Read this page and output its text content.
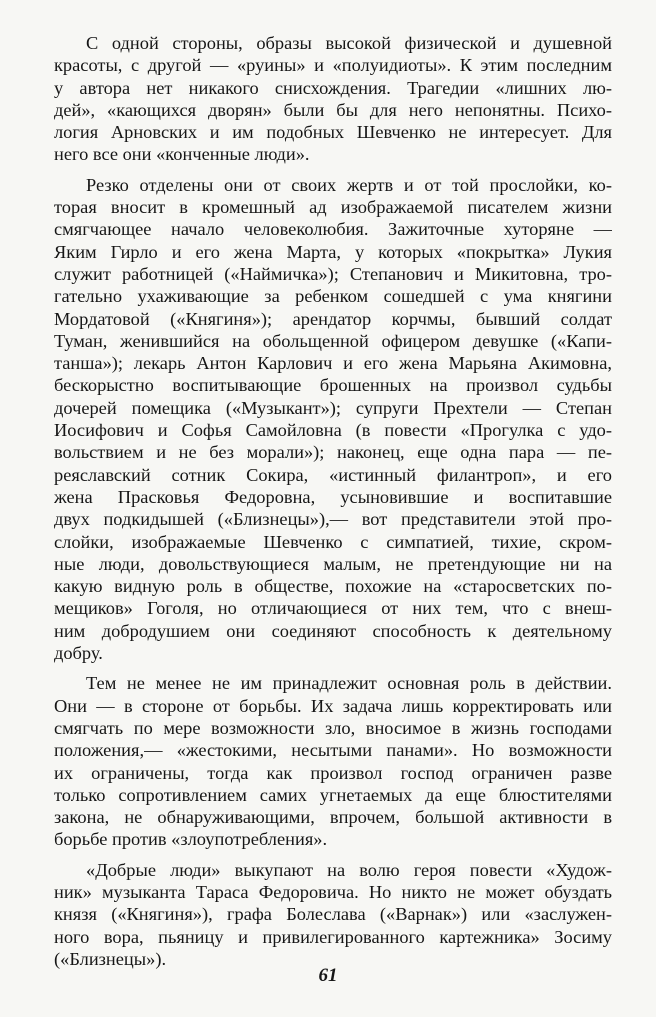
С одной стороны, образы высокой физической и душевной
красоты, с другой — «руины» и «полуидиоты». К этим последним
у автора нет никакого снисхождения. Трагедии «лишних лю-
дей», «кающихся дворян» были бы для него непонятны. Психо-
логия Арновских и им подобных Шевченко не интересует. Для
него все они «конченные люди».
Резко отделены они от своих жертв и от той прослойки, ко-
торая вносит в кромешный ад изображаемой писателем жизни
смягчающее начало человеколюбия. Зажиточные хуторяне —
Яким Гирло и его жена Марта, у которых «покрытка» Лукия
служит работницей («Наймичка»); Степанович и Микитовна, тро-
гательно ухаживающие за ребенком сошедшей с ума княгини
Мордатовой («Княгиня»); арендатор корчмы, бывший солдат
Туман, женившийся на обольщенной офицером девушке («Капи-
танша»); лекарь Антон Карлович и его жена Марьяна Акимовна,
бескорыстно воспитывающие брошенных на произвол судьбы
дочерей помещика («Музыкант»); супруги Прехтели — Степан
Иосифович и Софья Самойловна (в повести «Прогулка с удо-
вольствием и не без морали»); наконец, еще одна пара — пе-
реяславский сотник Сокира, «истинный филантроп», и его
жена Прасковья Федоровна, усыновившие и воспитавшие
двух подкидышей («Близнецы»),— вот представители этой про-
слойки, изображаемые Шевченко с симпатией, тихие, скром-
ные люди, довольствующиеся малым, не претендующие ни на
какую видную роль в обществе, похожие на «старосветских по-
мещиков» Гоголя, но отличающиеся от них тем, что с внеш-
ним добродушием они соединяют способность к деятельному
добру.
Тем не менее не им принадлежит основная роль в действии.
Они — в стороне от борьбы. Их задача лишь корректировать или
смягчать по мере возможности зло, вносимое в жизнь господами
положения,— «жестокими, несытыми панами». Но возможности
их ограничены, тогда как произвол господ ограничен разве
только сопротивлением самих угнетаемых да еще блюстителями
закона, не обнаруживающими, впрочем, большой активности в
борьбе против «злоупотребления».
«Добрые люди» выкупают на волю героя повести «Худож-
ник» музыканта Тараса Федоровича. Но никто не может обуздать
князя («Княгиня»), графа Болеслава («Варнак») или «заслужен-
ного вора, пьяницу и привилегированного картежника» Зосиму
(«Близнецы»).
61
